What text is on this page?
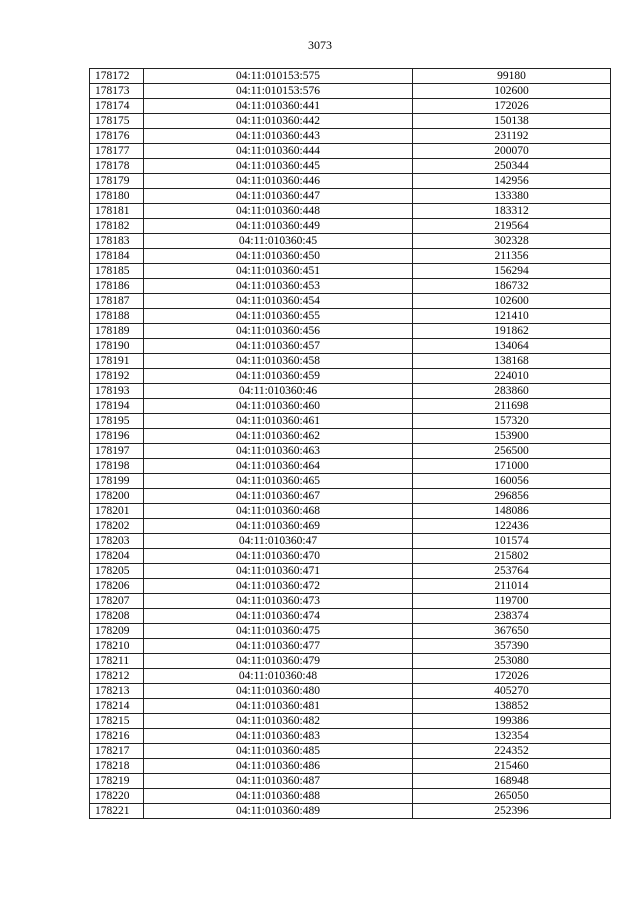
3073
178172	04:11:010153:575	99180
178173	04:11:010153:576	102600
178174	04:11:010360:441	172026
178175	04:11:010360:442	150138
178176	04:11:010360:443	231192
178177	04:11:010360:444	200070
178178	04:11:010360:445	250344
178179	04:11:010360:446	142956
178180	04:11:010360:447	133380
178181	04:11:010360:448	183312
178182	04:11:010360:449	219564
178183	04:11:010360:45	302328
178184	04:11:010360:450	211356
178185	04:11:010360:451	156294
178186	04:11:010360:453	186732
178187	04:11:010360:454	102600
178188	04:11:010360:455	121410
178189	04:11:010360:456	191862
178190	04:11:010360:457	134064
178191	04:11:010360:458	138168
178192	04:11:010360:459	224010
178193	04:11:010360:46	283860
178194	04:11:010360:460	211698
178195	04:11:010360:461	157320
178196	04:11:010360:462	153900
178197	04:11:010360:463	256500
178198	04:11:010360:464	171000
178199	04:11:010360:465	160056
178200	04:11:010360:467	296856
178201	04:11:010360:468	148086
178202	04:11:010360:469	122436
178203	04:11:010360:47	101574
178204	04:11:010360:470	215802
178205	04:11:010360:471	253764
178206	04:11:010360:472	211014
178207	04:11:010360:473	119700
178208	04:11:010360:474	238374
178209	04:11:010360:475	367650
178210	04:11:010360:477	357390
178211	04:11:010360:479	253080
178212	04:11:010360:48	172026
178213	04:11:010360:480	405270
178214	04:11:010360:481	138852
178215	04:11:010360:482	199386
178216	04:11:010360:483	132354
178217	04:11:010360:485	224352
178218	04:11:010360:486	215460
178219	04:11:010360:487	168948
178220	04:11:010360:488	265050
178221	04:11:010360:489	252396
